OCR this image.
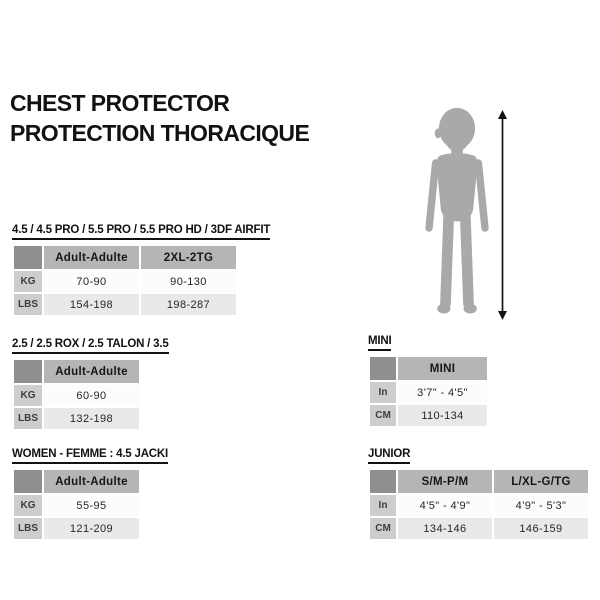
CHEST PROTECTOR
PROTECTION THORACIQUE
4.5 / 4.5 PRO / 5.5 PRO / 5.5 PRO HD / 3DF AIRFIT
	Adult-Adulte	2XL-2TG
KG	70-90	90-130
LBS	154-198	198-287
2.5 / 2.5 ROX / 2.5 TALON / 3.5
	Adult-Adulte
KG	60-90
LBS	132-198
WOMEN - FEMME : 4.5 JACKI
	Adult-Adulte
KG	55-95
LBS	121-209
MINI
	MINI
In	3'7" - 4'5"
CM	110-134
JUNIOR
	S/M-P/M	L/XL-G/TG
In	4'5" - 4'9"	4'9" - 5'3"
CM	134-146	146-159
